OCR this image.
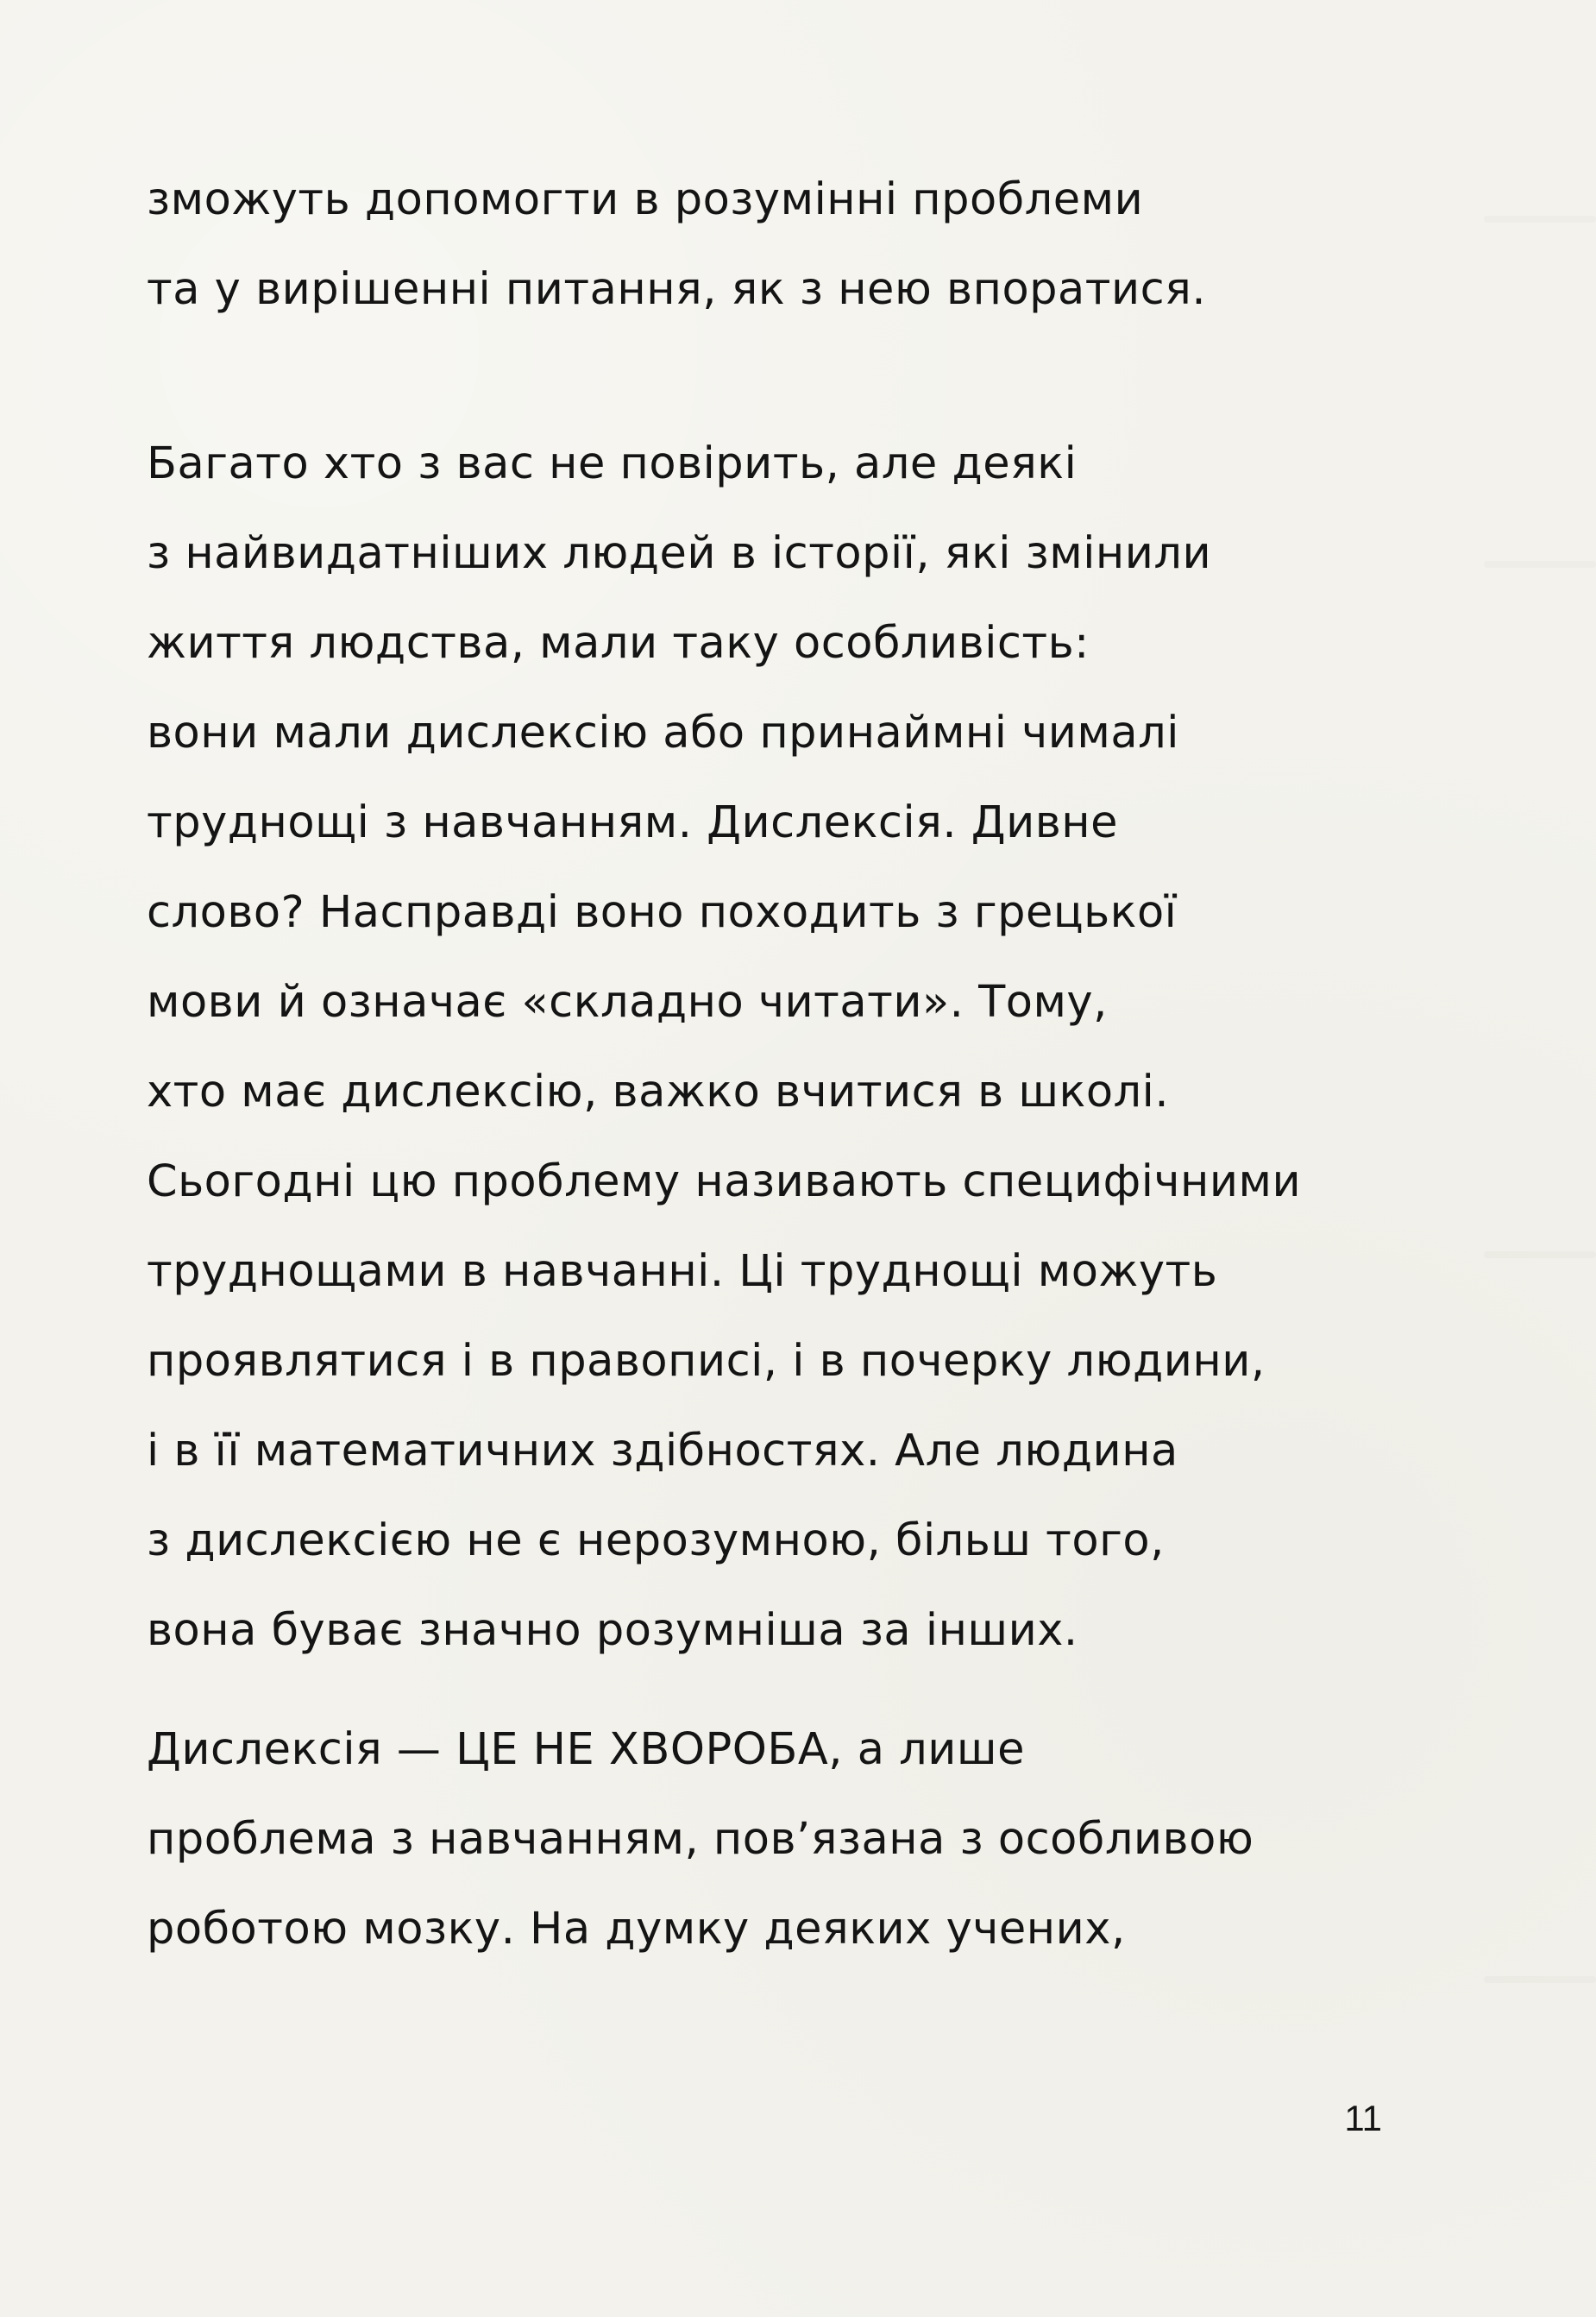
зможуть допомогти в розумінні проблеми
та у вирішенні питання, як з нею впоратися.
Багато хто з вас не повірить, але деякі
з найвидатніших людей в історії, які змінили
життя людства, мали таку особливість:
вони мали дислексію або принаймні чималі
труднощі з навчанням. Дислексія. Дивне
слово? Насправді воно походить з грецької
мови й означає «складно читати». Тому,
хто має дислексію, важко вчитися в школі.
Сьогодні цю проблему називають специфічними
труднощами в навчанні. Ці труднощі можуть
проявлятися і в правописі, і в почерку людини,
і в її математичних здібностях. Але людина
з дислексією не є нерозумною, більш того,
вона буває значно розумніша за інших.
Дислексія — ЦЕ НЕ ХВОРОБА, а лише
проблема з навчанням, пов’язана з особливою
роботою мозку. На думку деяких учених,
11
